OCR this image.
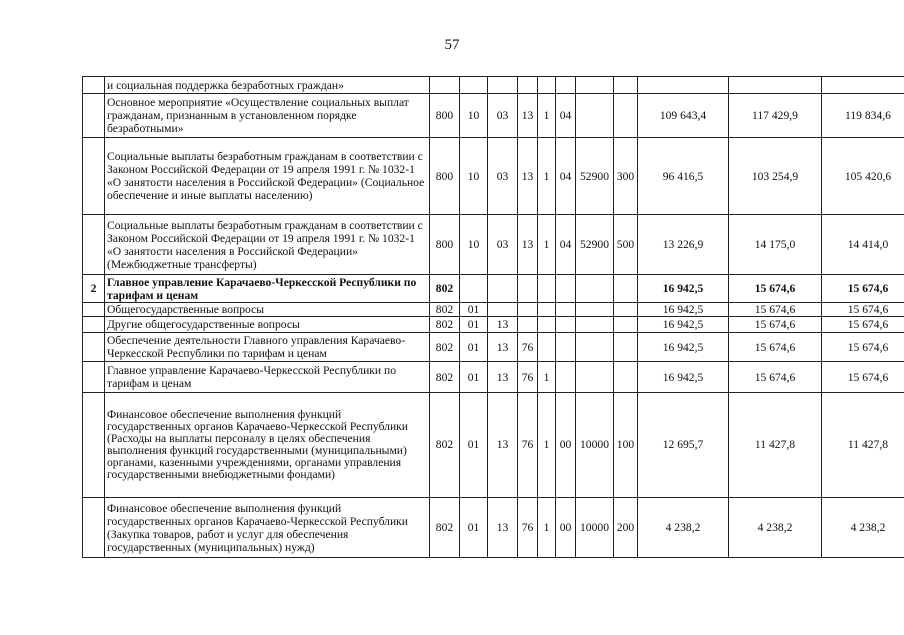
57
	и социальная поддержка безработных граждан»											
	Основное мероприятие «Осуществление социальных выплат гражданам, признанным в установленном порядке безработными»	800	10	03	13	1	04			109 643,4	117 429,9	119 834,6
	Социальные выплаты безработным гражданам в соответствии с Законом Российской Федерации от 19 апреля 1991 г. № 1032-1 «О занятости населения в Российской Федерации» (Социальное обеспечение и иные выплаты населению)	800	10	03	13	1	04	52900	300	96 416,5	103 254,9	105 420,6
	Социальные выплаты безработным гражданам в соответствии с Законом Российской Федерации от 19 апреля 1991 г. № 1032-1 «О занятости населения в Российской Федерации» (Межбюджетные трансферты)	800	10	03	13	1	04	52900	500	13 226,9	14 175,0	14 414,0
2	Главное управление Карачаево-Черкесской Республики по тарифам и ценам	802								16 942,5	15 674,6	15 674,6
	Общегосударственные вопросы	802	01							16 942,5	15 674,6	15 674,6
	Другие общегосударственные вопросы	802	01	13						16 942,5	15 674,6	15 674,6
	Обеспечение деятельности Главного управления Карачаево-Черкесской Республики по тарифам и ценам	802	01	13	76					16 942,5	15 674,6	15 674,6
	Главное управление Карачаево-Черкесской Республики по тарифам и ценам	802	01	13	76	1				16 942,5	15 674,6	15 674,6
	Финансовое обеспечение выполнения функций государственных органов Карачаево-Черкесской Республики (Расходы на выплаты персоналу в целях обеспечения выполнения функций государственными (муниципальными) органами, казенными учреждениями, органами управления государственными внебюджетными фондами)	802	01	13	76	1	00	10000	100	12 695,7	11 427,8	11 427,8
	Финансовое обеспечение выполнения функций государственных органов Карачаево-Черкесской Республики (Закупка товаров, работ и услуг для обеспечения государственных (муниципальных) нужд)	802	01	13	76	1	00	10000	200	4 238,2	4 238,2	4 238,2
